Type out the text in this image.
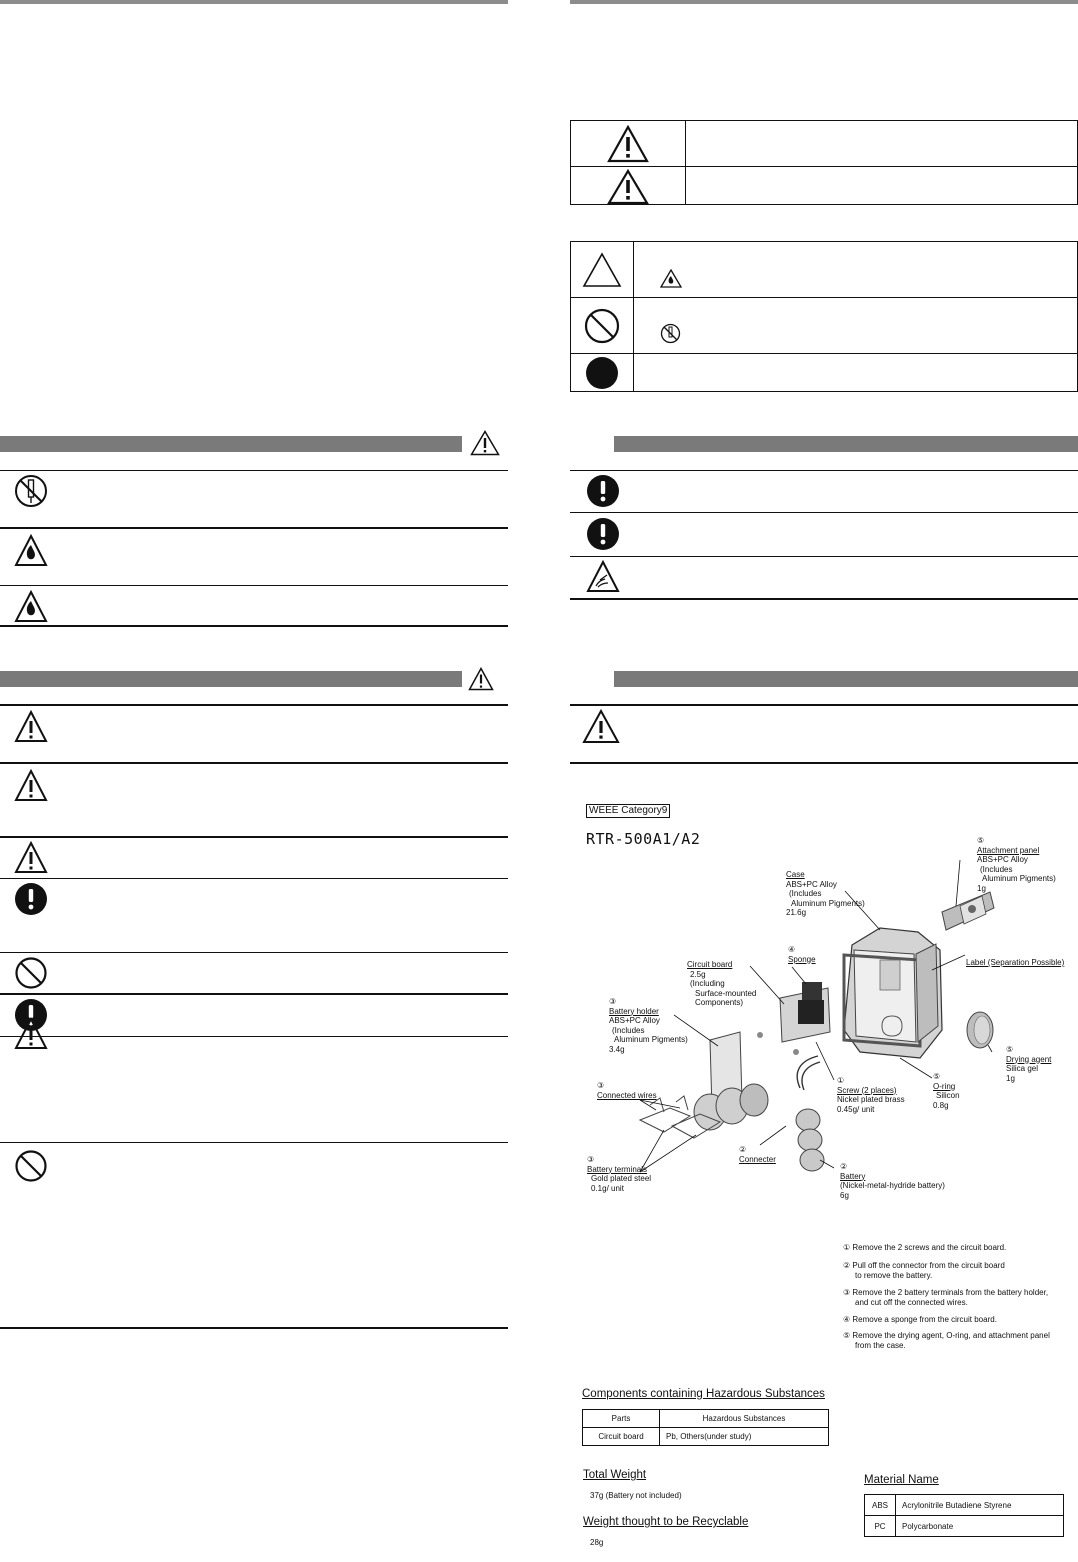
WEEE Category9
RTR-500A1/A2	⑤
Attachment panel
ABS+PC Alloy
(Includes
Aluminum Pigments)
1g
Case
ABS+PC Alloy
(Includes
Aluminum Pigments)
21.6g
④
Sponge
Circuit board
2.5g
(Including
Surface-mounted
Components)
Label (Separation Possible)
③
Battery holder
ABS+PC Alloy
(Includes
Aluminum Pigments)
3.4g	⑤
Drying agent
Silica gel
1g
⑤
O-ring
Silicon
0.8g
①
Screw (2 places)
Nickel plated brass
0.45g/ unit
③
Connected wires
②
Connecter
③
Battery terminals
Gold plated steel
0.1g/ unit
②
Battery
(Nickel-metal-hydride battery)
6g
① Remove the 2 screws and the circuit board.
② Pull off the connector from the circuit board
to remove the battery.
③ Remove the 2 battery terminals from the battery holder,
and cut off the connected wires.
④ Remove a sponge from the circuit board.
⑤ Remove the drying agent, O-ring, and attachment panel
from the case.
Components containing Hazardous Substances
Parts	Hazardous Substances
Circuit board	Pb, Others(under study)
Total Weight
37g (Battery not included)
Weight thought to be Recyclable
28g
Material Name
ABS	Acrylonitrile Butadiene Styrene
PC	Polycarbonate
